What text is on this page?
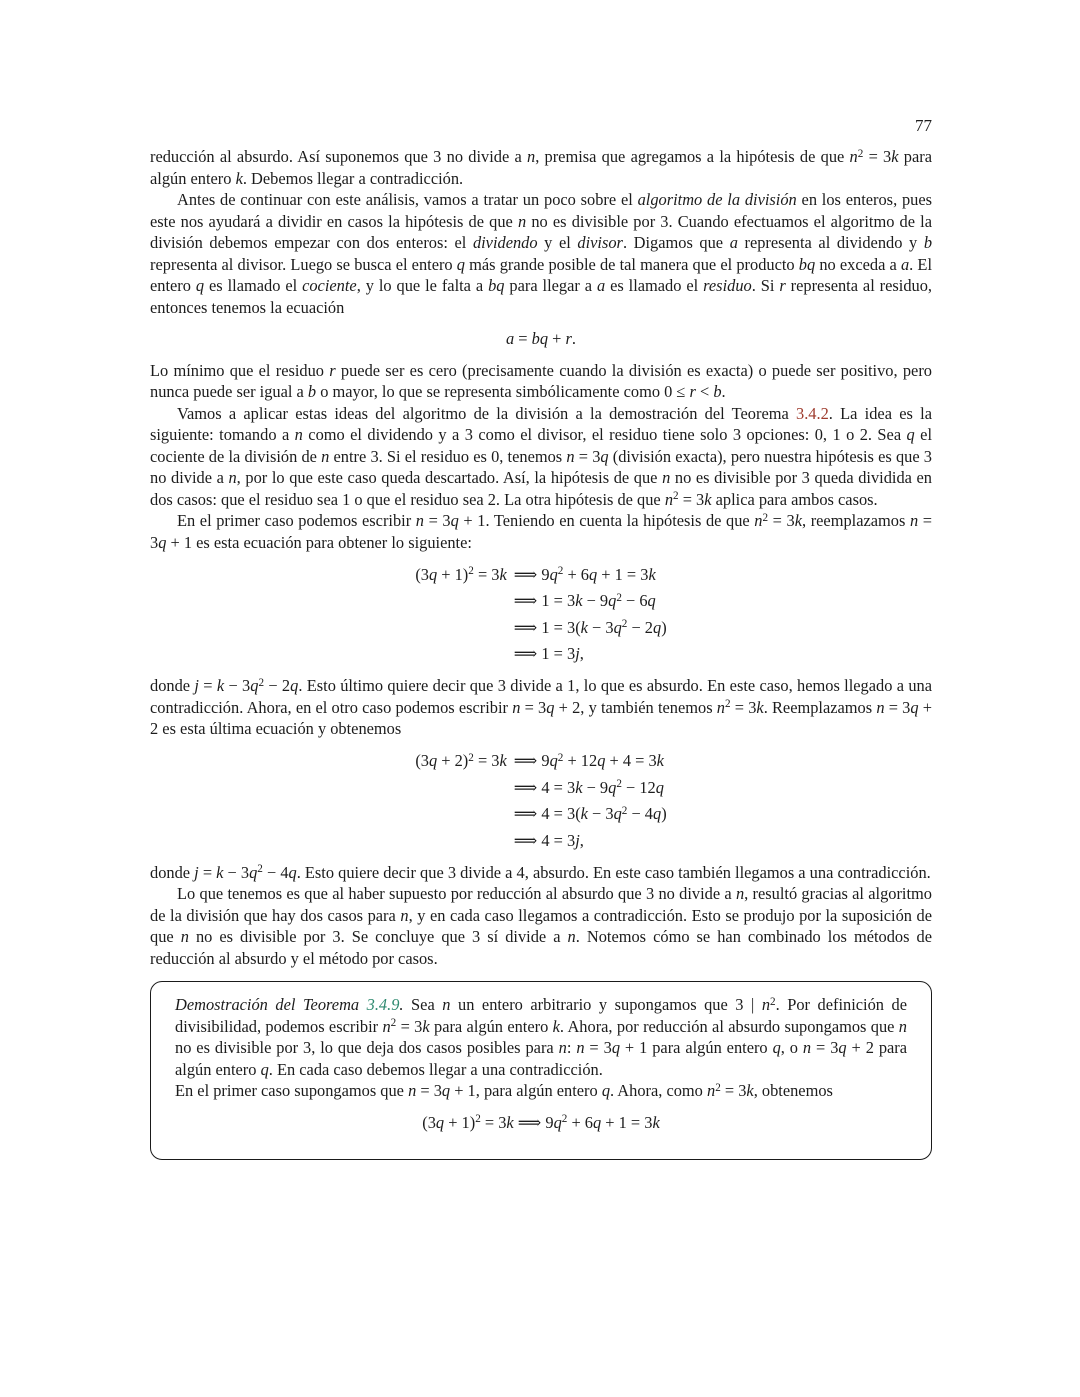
77

reducción al absurdo. Así suponemos que 3 no divide a n, premisa que agregamos a la hipótesis de que $n^2 = 3k$ para algún entero k. Debemos llegar a contradicción.

Antes de continuar con este análisis, vamos a tratar un poco sobre el algoritmo de la división en los enteros, pues este nos ayudará a dividir en casos la hipótesis de que n no es divisible por 3. Cuando efectuamos el algoritmo de la división debemos empezar con dos enteros: el dividendo y el divisor. Digamos que a representa al dividendo y b representa al divisor. Luego se busca el entero q más grande posible de tal manera que el producto bq no exceda a a. El entero q es llamado el cociente, y lo que le falta a bq para llegar a a es llamado el residuo. Si r representa al residuo, entonces tenemos la ecuación

a = bq + r.

Lo mínimo que el residuo r puede ser es cero (precisamente cuando la división es exacta) o puede ser positivo, pero nunca puede ser igual a b o mayor, lo que se representa simbólicamente como 0 ≤ r < b.

Vamos a aplicar estas ideas del algoritmo de la división a la demostración del Teorema 3.4.2. La idea es la siguiente: tomando a n como el dividendo y a 3 como el divisor, el residuo tiene solo 3 opciones: 0, 1 o 2. Sea q el cociente de la división de n entre 3. Si el residuo es 0, tenemos n = 3q (división exacta), pero nuestra hipótesis es que 3 no divide a n, por lo que este caso queda descartado. Así, la hipótesis de que n no es divisible por 3 queda dividida en dos casos: que el residuo sea 1 o que el residuo sea 2. La otra hipótesis de que $n^2 = 3k$ aplica para ambos casos.

En el primer caso podemos escribir n = 3q + 1. Teniendo en cuenta la hipótesis de que $n^2 = 3k$, reemplazamos n = 3q + 1 es esta ecuación para obtener lo siguiente:

$(3q + 1)^2 = 3k$	⟹ $9q^2 + 6q + 1 = 3k$
	⟹ $1 = 3k - 9q^2 - 6q$
	⟹ $1 = 3(k - 3q^2 - 2q)$
	⟹ 1 = 3j,

donde $j = k - 3q^2 - 2q$. Esto último quiere decir que 3 divide a 1, lo que es absurdo. En este caso, hemos llegado a una contradicción. Ahora, en el otro caso podemos escribir n = 3q + 2, y también tenemos $n^2 = 3k$. Reemplazamos n = 3q + 2 es esta última ecuación y obtenemos

$(3q + 2)^2 = 3k$	⟹ $9q^2 + 12q + 4 = 3k$
	⟹ $4 = 3k - 9q^2 - 12q$
	⟹ $4 = 3(k - 3q^2 - 4q)$
	⟹ 4 = 3j,

donde $j = k - 3q^2 - 4q$. Esto quiere decir que 3 divide a 4, absurdo. En este caso también llegamos a una contradicción.

Lo que tenemos es que al haber supuesto por reducción al absurdo que 3 no divide a n, resultó gracias al algoritmo de la división que hay dos casos para n, y en cada caso llegamos a contradicción. Esto se produjo por la suposición de que n no es divisible por 3. Se concluye que 3 sí divide a n. Notemos cómo se han combinado los métodos de reducción al absurdo y el método por casos.

Demostración del Teorema 3.4.9. Sea n un entero arbitrario y supongamos que 3 | $n^2$. Por definición de divisibilidad, podemos escribir $n^2 = 3k$ para algún entero k. Ahora, por reducción al absurdo supongamos que n no es divisible por 3, lo que deja dos casos posibles para n: n = 3q + 1 para algún entero q, o n = 3q + 2 para algún entero q. En cada caso debemos llegar a una contradicción.

En el primer caso supongamos que n = 3q + 1, para algún entero q. Ahora, como $n^2 = 3k$, obtenemos

$(3q + 1)^2 = 3k$ ⟹ $9q^2 + 6q + 1 = 3k$
